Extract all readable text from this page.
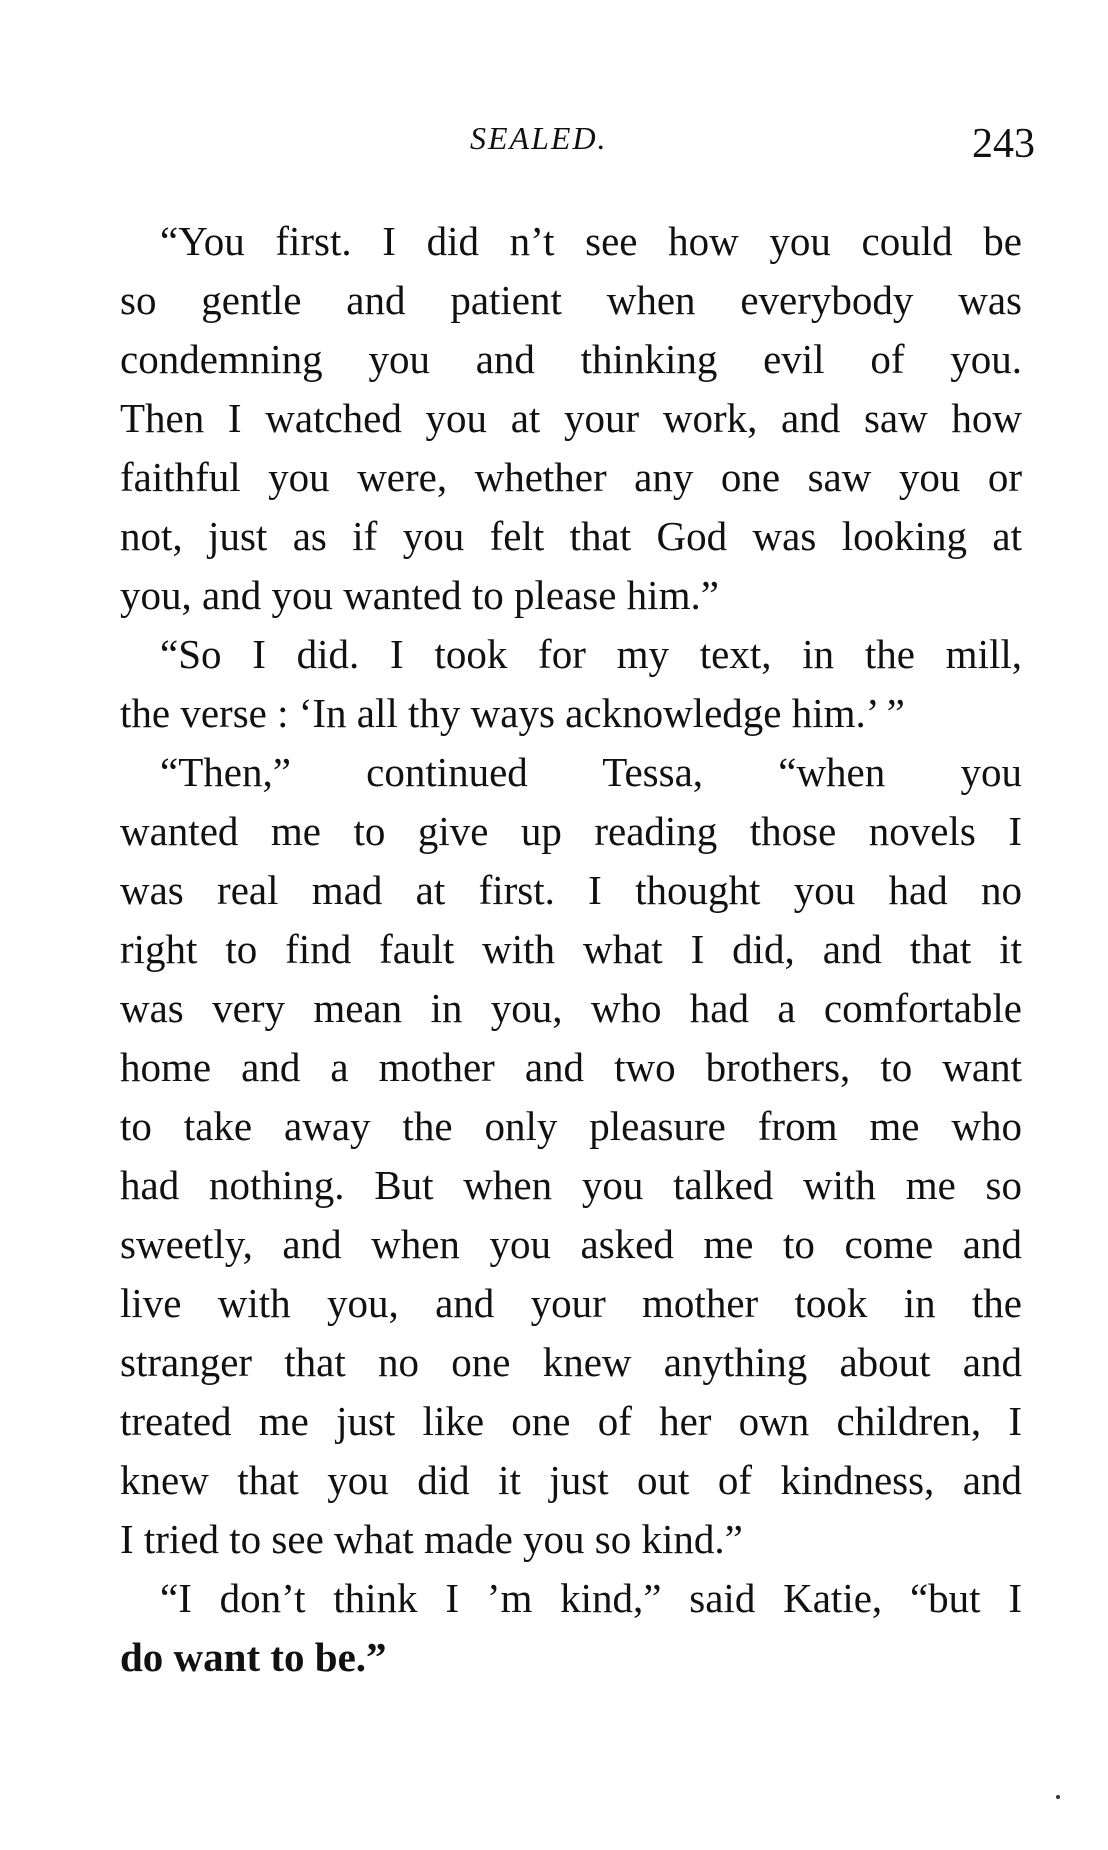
SEALED.	243
“You first. I did n’t see how you could be
so gentle and patient when everybody was
condemning you and thinking evil of you.
Then I watched you at your work, and saw how
faithful you were, whether any one saw you or
not, just as if you felt that God was looking at
you, and you wanted to please him.”
“So I did. I took for my text, in the mill,
the verse : ‘In all thy ways acknowledge him.’ ”
“Then,” continued Tessa, “when you
wanted me to give up reading those novels I
was real mad at first. I thought you had no
right to find fault with what I did, and that it
was very mean in you, who had a comfortable
home and a mother and two brothers, to want
to take away the only pleasure from me who
had nothing. But when you talked with me so
sweetly, and when you asked me to come and
live with you, and your mother took in the
stranger that no one knew anything about and
treated me just like one of her own children, I
knew that you did it just out of kindness, and
I tried to see what made you so kind.”
“I don’t think I ’m kind,” said Katie, “but I
do want to be.”
